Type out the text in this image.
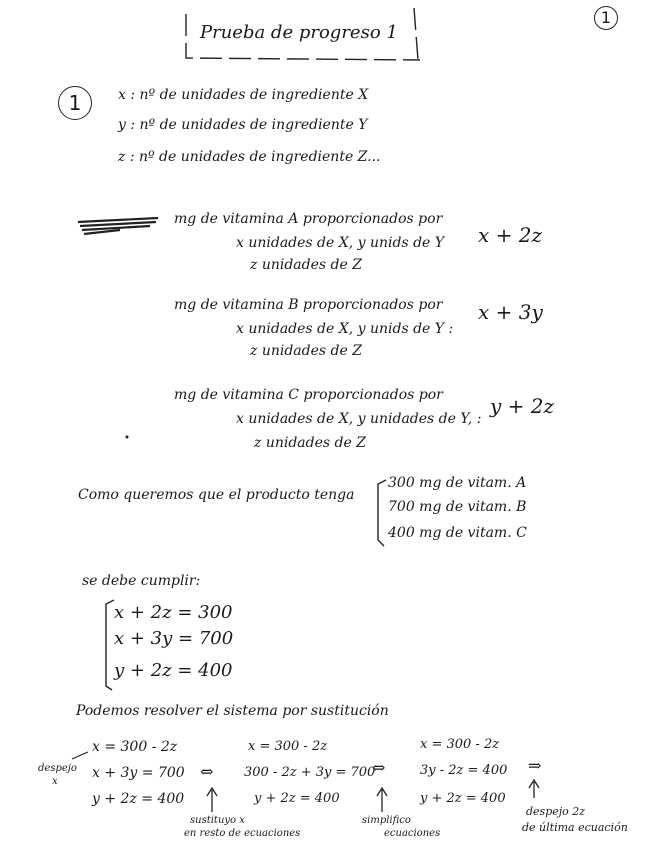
1
Prueba de progreso 1
1	x : nº de unidades de ingrediente X
y : nº de unidades de ingrediente Y
z : nº de unidades de ingrediente Z...
mg de vitamina A proporcionados por
x unidades de X, y unids de Y
z unidades de Z
x + 2z
mg de vitamina B proporcionados por
x unidades de X, y unids de Y :
z unidades de Z
x + 3y
mg de vitamina C proporcionados por
x unidades de X, y unidades de Y, :
z unidades de Z
y + 2z
Como queremos que el producto tenga
300 mg de vitam. A
700 mg de vitam. B
400 mg de vitam. C
se debe cumplir:
x + 2z = 300
x + 3y = 700
y + 2z = 400
Podemos resolver el sistema por sustitución
despejo
x
x = 300 - 2z
x + 3y = 700
y + 2z = 400
⇔
x = 300 - 2z
300 - 2z + 3y = 700
y + 2z = 400
⇔
x = 300 - 2z
3y - 2z = 400
y + 2z = 400
⇒
sustituyo x
en resto de ecuaciones
simplifico
ecuaciones
despejo 2z
de última ecuación
